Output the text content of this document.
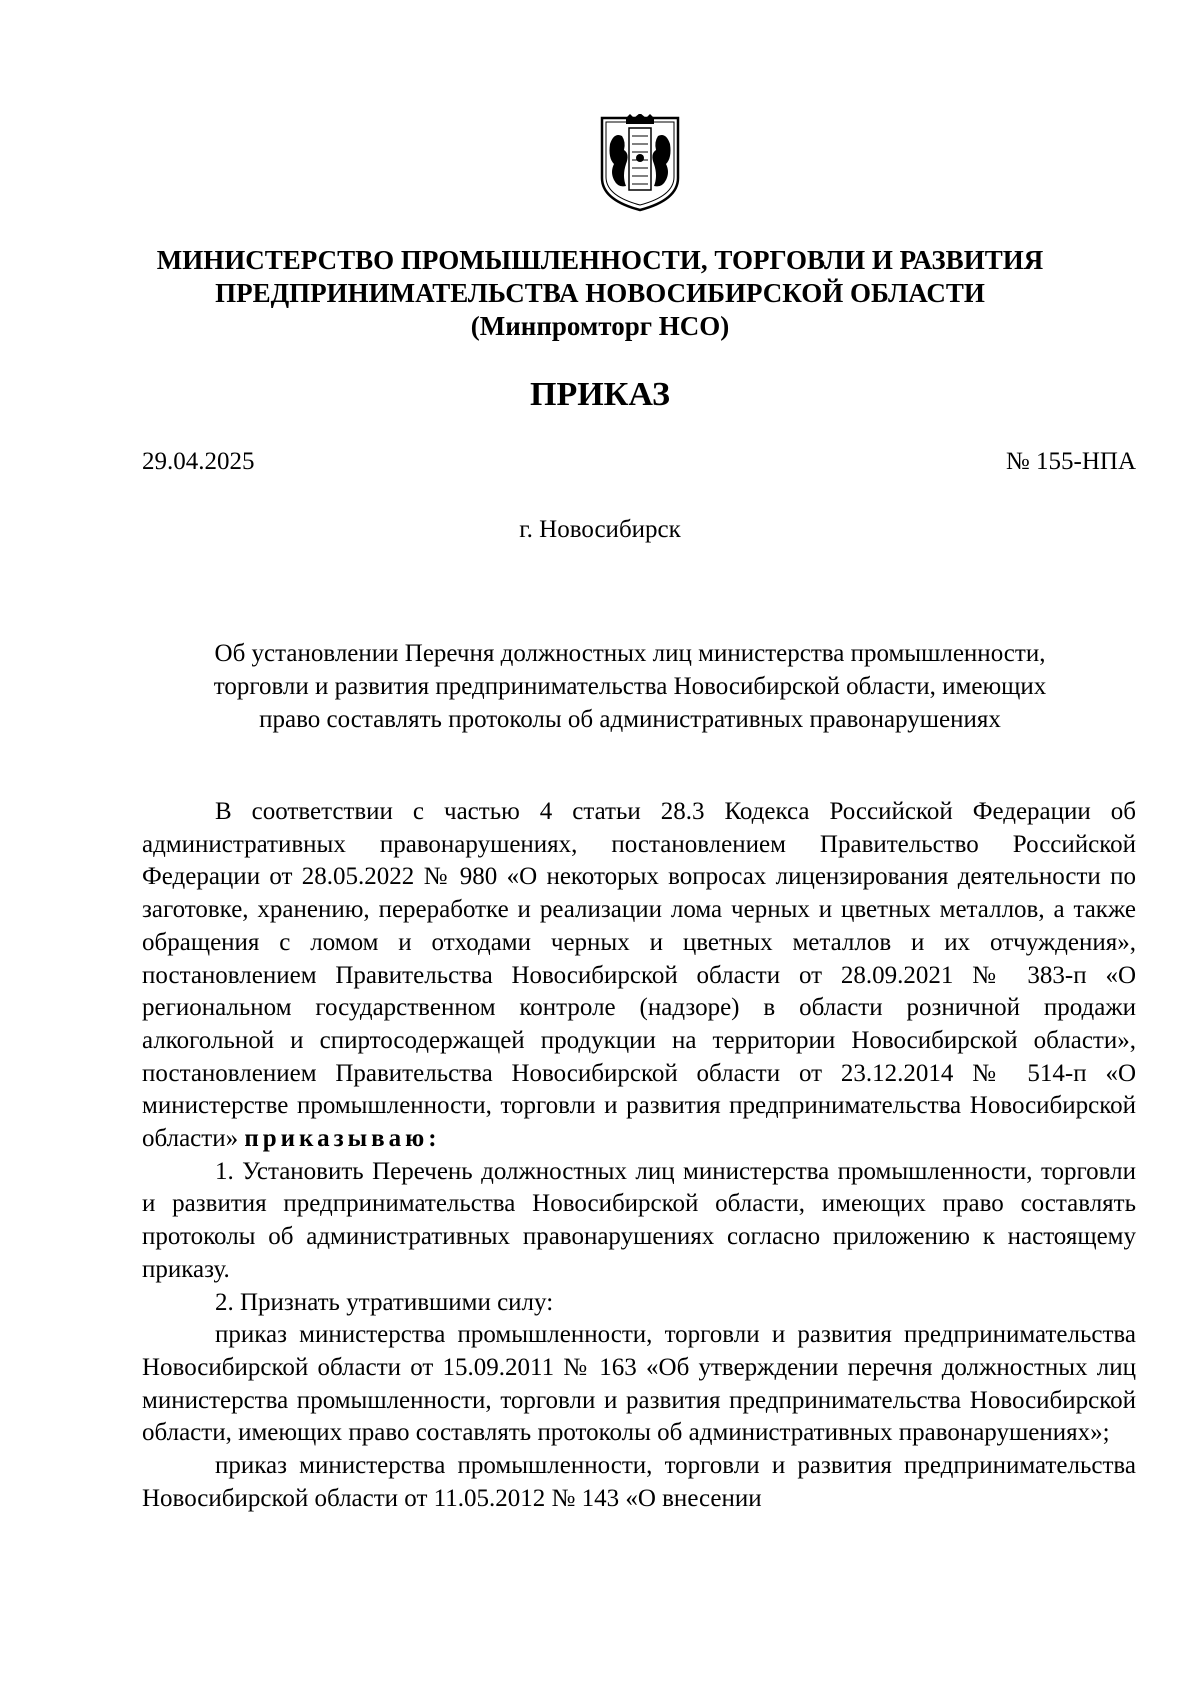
МИНИСТЕРСТВО ПРОМЫШЛЕННОСТИ, ТОРГОВЛИ И РАЗВИТИЯ
ПРЕДПРИНИМАТЕЛЬСТВА НОВОСИБИРСКОЙ ОБЛАСТИ
(Минпромторг НСО)
ПРИКАЗ
29.04.2025	№ 155-НПА
г. Новосибирск
Об установлении Перечня должностных лиц министерства промышленности,
торговли и развития предпринимательства Новосибирской области, имеющих
право составлять протоколы об административных правонарушениях

В соответствии с частью 4 статьи 28.3 Кодекса Российской Федерации об административных правонарушениях, постановлением Правительство Российской Федерации от 28.05.2022 № 980 «О некоторых вопросах лицензирования деятельности по заготовке, хранению, переработке и реализации лома черных и цветных металлов, а также обращения с ломом и отходами черных и цветных металлов и их отчуждения», постановлением Правительства Новосибирской области от 28.09.2021 № 383-п «О региональном государственном контроле (надзоре) в области розничной продажи алкогольной и спиртосодержащей продукции на территории Новосибирской области», постановлением Правительства Новосибирской области от 23.12.2014 № 514-п «О министерстве промышленности, торговли и развития предпринимательства Новосибирской области» приказываю:

1. Установить Перечень должностных лиц министерства промышленности, торговли и развития предпринимательства Новосибирской области, имеющих право составлять протоколы об административных правонарушениях согласно приложению к настоящему приказу.

2. Признать утратившими силу:

приказ министерства промышленности, торговли и развития предпринимательства Новосибирской области от 15.09.2011 № 163 «Об утверждении перечня должностных лиц министерства промышленности, торговли и развития предпринимательства Новосибирской области, имеющих право составлять протоколы об административных правонарушениях»;

приказ министерства промышленности, торговли и развития предпринимательства Новосибирской области от 11.05.2012 № 143 «О внесении
